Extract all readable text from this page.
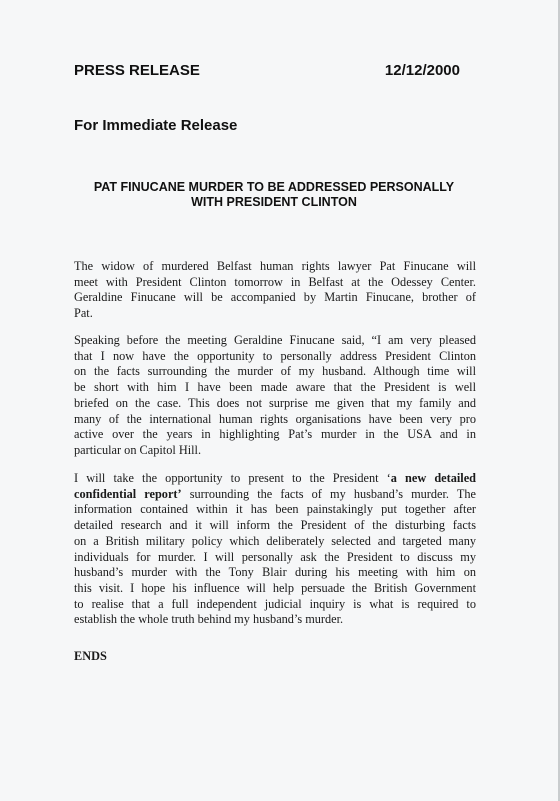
PRESS RELEASE	12/12/2000
For Immediate Release
PAT FINUCANE MURDER TO BE ADDRESSED PERSONALLY
WITH PRESIDENT CLINTON
The widow of murdered Belfast human rights lawyer Pat Finucane will
meet with President Clinton tomorrow in Belfast at the Odessey Center.
Geraldine Finucane will be accompanied by Martin Finucane, brother of
Pat.
Speaking before the meeting Geraldine Finucane said, “I am very pleased
that I now have the opportunity to personally address President Clinton
on the facts surrounding the murder of my husband. Although time will
be short with him I have been made aware that the President is well
briefed on the case. This does not surprise me given that my family and
many of the international human rights organisations have been very pro
active over the years in highlighting Pat’s murder in the USA and in
particular on Capitol Hill.
I will take the opportunity to present to the President ‘a new detailed
confidential report’ surrounding the facts of my husband’s murder. The
information contained within it has been painstakingly put together after
detailed research and it will inform the President of the disturbing facts
on a British military policy which deliberately selected and targeted many
individuals for murder. I will personally ask the President to discuss my
husband’s murder with the Tony Blair during his meeting with him on
this visit. I hope his influence will help persuade the British Government
to realise that a full independent judicial inquiry is what is required to
establish the whole truth behind my husband’s murder.
ENDS
